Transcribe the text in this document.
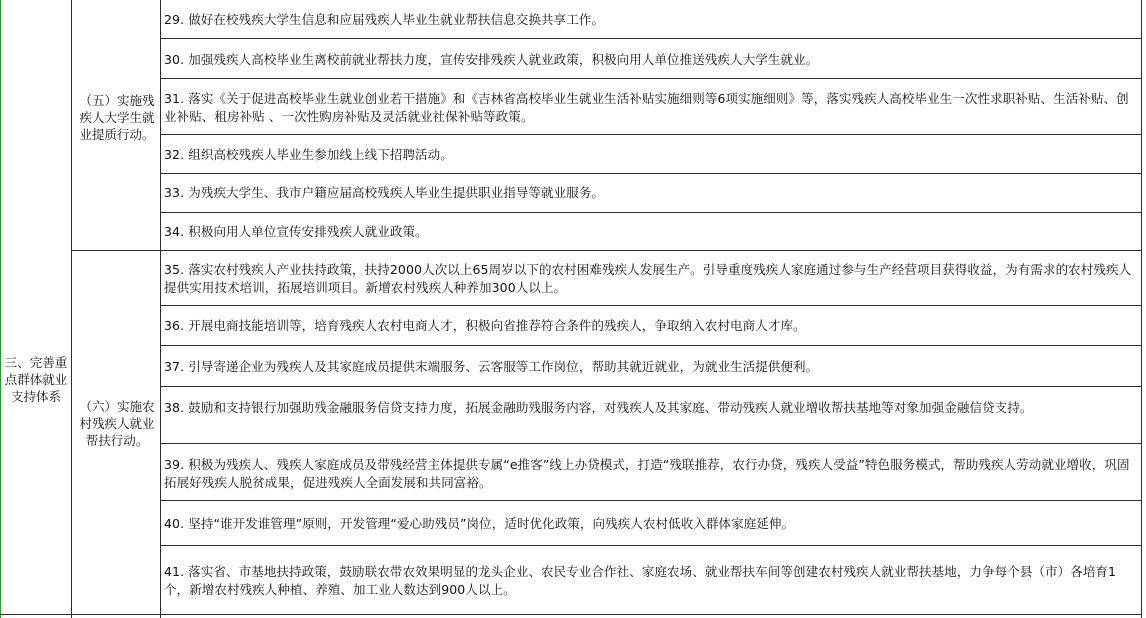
三、完善重点群体就业支持体系
（五）实施残疾人大学生就业提质行动。
（六）实施农村残疾人就业帮扶行动。
29. 做好在校残疾大学生信息和应届残疾人毕业生就业帮扶信息交换共享工作。
30. 加强残疾人高校毕业生离校前就业帮扶力度，宣传安排残疾人就业政策，积极向用人单位推送残疾人大学生就业。
31. 落实《关于促进高校毕业生就业创业若干措施》和《吉林省高校毕业生就业生活补贴实施细则等6项实施细则》等，落实残疾人高校毕业生一次性求职补贴、生活补贴、创业补贴、租房补贴 、一次性购房补贴及灵活就业社保补贴等政策。
32. 组织高校残疾人毕业生参加线上线下招聘活动。
33. 为残疾大学生、我市户籍应届高校残疾人毕业生提供职业指导等就业服务。
34. 积极向用人单位宣传安排残疾人就业政策。
35. 落实农村残疾人产业扶持政策，扶持2000人次以上65周岁以下的农村困难残疾人发展生产。引导重度残疾人家庭通过参与生产经营项目获得收益，为有需求的农村残疾人提供实用技术培训，拓展培训项目。新增农村残疾人种养加300人以上。
36. 开展电商技能培训等，培育残疾人农村电商人才，积极向省推荐符合条件的残疾人，争取纳入农村电商人才库。
37. 引导寄递企业为残疾人及其家庭成员提供末端服务、云客服等工作岗位，帮助其就近就业，为就业生活提供便利。
38. 鼓励和支持银行加强助残金融服务信贷支持力度，拓展金融助残服务内容，对残疾人及其家庭、带动残疾人就业增收帮扶基地等对象加强金融信贷支持。
39. 积极为残疾人、残疾人家庭成员及带残经营主体提供专属“e推客”线上办贷模式，打造“残联推荐，农行办贷，残疾人受益”特色服务模式，帮助残疾人劳动就业增收，巩固拓展好残疾人脱贫成果，促进残疾人全面发展和共同富裕。
40. 坚持“谁开发谁管理”原则，开发管理“爱心助残员”岗位，适时优化政策，向残疾人农村低收入群体家庭延伸。
41. 落实省、市基地扶持政策，鼓励联农带农效果明显的龙头企业、农民专业合作社、家庭农场、就业帮扶车间等创建农村残疾人就业帮扶基地，力争每个县（市）各培育1个，新增农村残疾人种植、养殖、加工业人数达到900人以上。
